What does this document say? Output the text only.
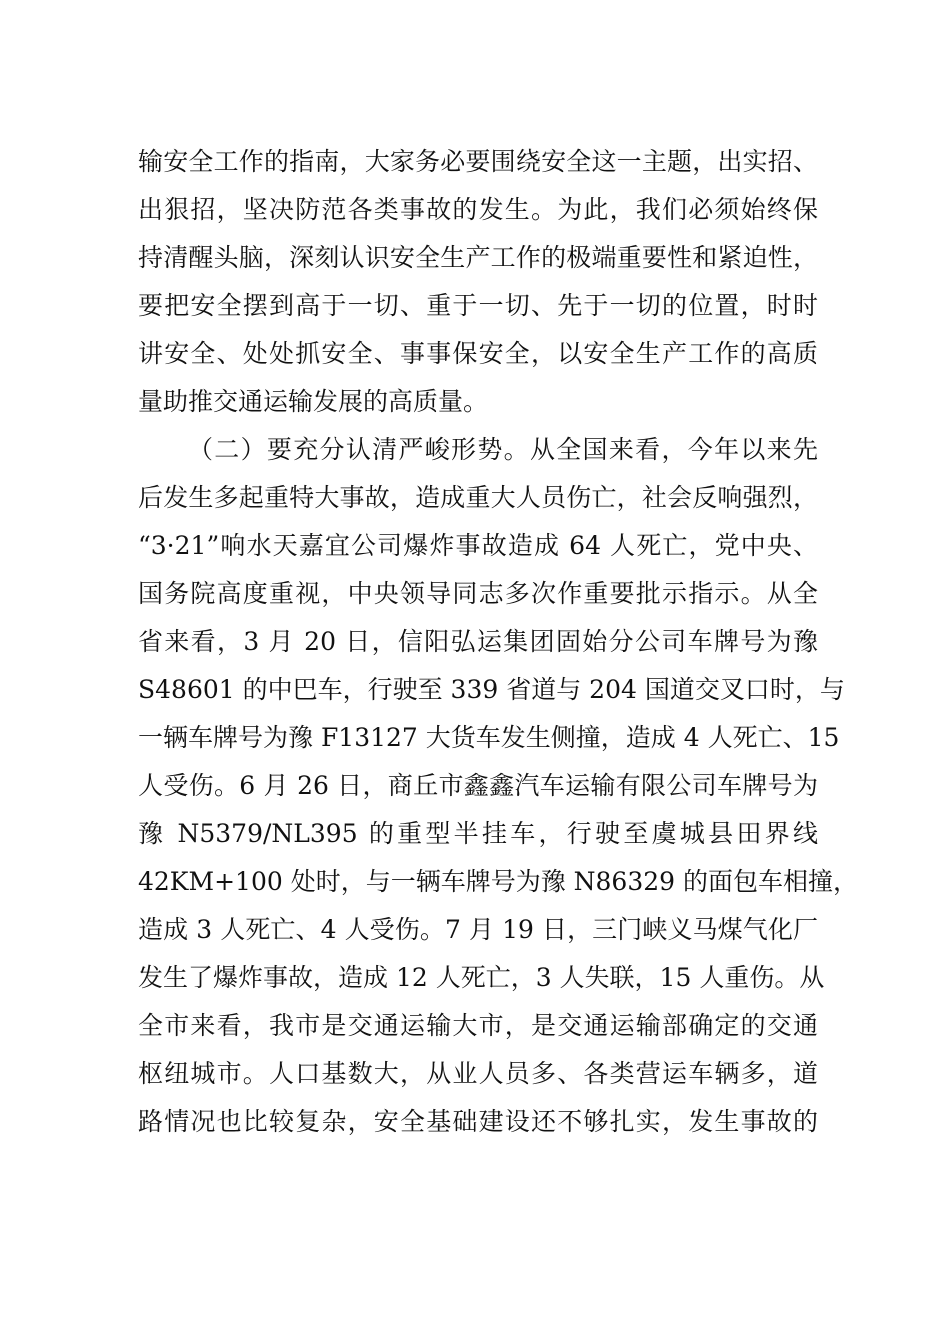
输安全工作的指南，大家务必要围绕安全这一主题，出实招、
出狠招，坚决防范各类事故的发生。为此，我们必须始终保
持清醒头脑，深刻认识安全生产工作的极端重要性和紧迫性，
要把安全摆到高于一切、重于一切、先于一切的位置，时时
讲安全、处处抓安全、事事保安全，以安全生产工作的高质
量助推交通运输发展的高质量。
（二）要充分认清严峻形势。从全国来看，今年以来先
后发生多起重特大事故，造成重大人员伤亡，社会反响强烈，
“3·21”响水天嘉宜公司爆炸事故造成 64 人死亡，党中央、
国务院高度重视，中央领导同志多次作重要批示指示。从全
省来看，3 月 20 日，信阳弘运集团固始分公司车牌号为豫
S48601 的中巴车，行驶至 339 省道与 204 国道交叉口时，与
一辆车牌号为豫 F13127 大货车发生侧撞，造成 4 人死亡、15
人受伤。6 月 26 日，商丘市鑫鑫汽车运输有限公司车牌号为
豫 N5379/NL395 的重型半挂车，行驶至虞城县田界线
42KM+100 处时，与一辆车牌号为豫 N86329 的面包车相撞，
造成 3 人死亡、4 人受伤。7 月 19 日，三门峡义马煤气化厂
发生了爆炸事故，造成 12 人死亡，3 人失联，15 人重伤。从
全市来看，我市是交通运输大市，是交通运输部确定的交通
枢纽城市。人口基数大，从业人员多、各类营运车辆多，道
路情况也比较复杂，安全基础建设还不够扎实，发生事故的
